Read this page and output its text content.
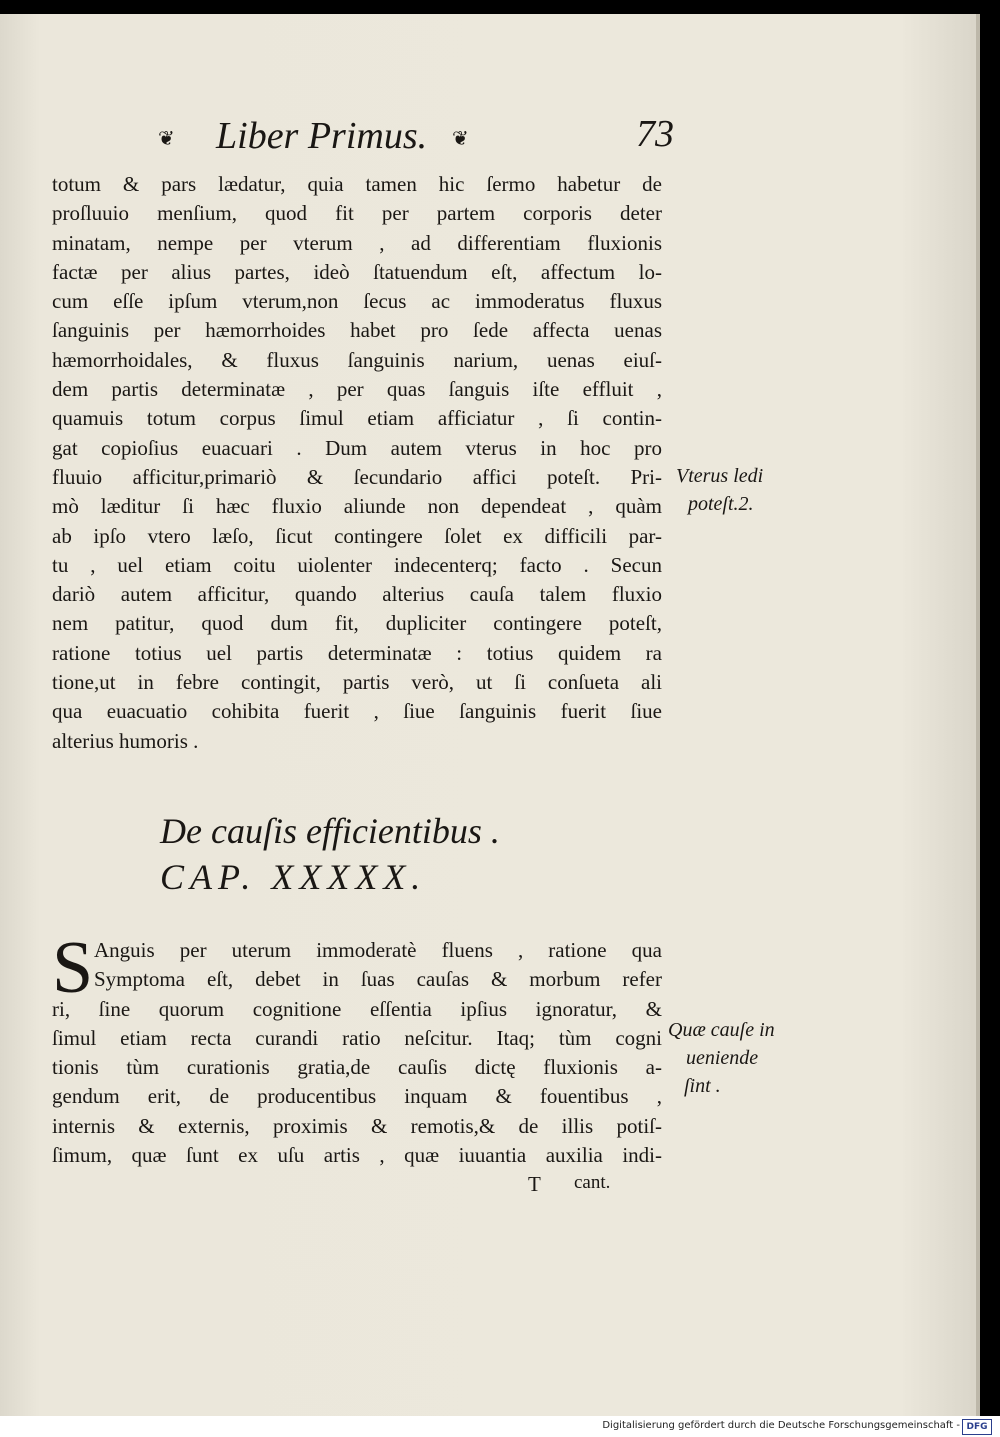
❦ Liber Primus. ❦	73
totum & pars lædatur, quia tamen hic ſermo habetur de
proſluuio menſium, quod fit per partem corporis deter
minatam, nempe per vterum , ad differentiam fluxionis
factæ per alius partes, ideò ſtatuendum eſt, affectum lo-
cum eſſe ipſum vterum,non ſecus ac immoderatus fluxus
ſanguinis per hæmorrhoides habet pro ſede affecta uenas
hæmorrhoidales, & fluxus ſanguinis narium, uenas eiuſ-
dem partis determinatæ , per quas ſanguis iſte effluit ,
quamuis totum corpus ſimul etiam afficiatur , ſi contin-
gat copioſius euacuari . Dum autem vterus in hoc pro
fluuio afficitur,primariò & ſecundario affici poteſt. Pri-
mò læditur ſi hæc fluxio aliunde non dependeat , quàm
ab ipſo vtero læſo, ſicut contingere ſolet ex difficili par-
tu , uel etiam coitu uiolenter indecenterq; facto . Secun
dariò autem afficitur, quando alterius cauſa talem fluxio
nem patitur, quod dum fit, dupliciter contingere poteſt,
ratione totius uel partis determinatæ : totius quidem ra
tione,ut in febre contingit, partis verò, ut ſi conſueta ali
qua euacuatio cohibita fuerit , ſiue ſanguinis fuerit ſiue
alterius humoris .
Vterus ledi
poteſt.2.
De cauſis efficientibus .
CAP. XXXXX.
S Anguis per uterum immoderatè fluens , ratione qua
Symptoma eſt, debet in ſuas cauſas & morbum refer
ri, ſine quorum cognitione eſſentia ipſius ignoratur, &
ſimul etiam recta curandi ratio neſcitur. Itaq; tùm cogni
tionis tùm curationis gratia,de cauſis dictę fluxionis a-
gendum erit, de producentibus inquam & fouentibus ,
internis & externis, proximis & remotis,& de illis potiſ-
ſimum, quæ ſunt ex uſu artis , quæ iuuantia auxilia indi-
Quæ cauſe in
ueniende
ſint .
T cant.
Digitalisierung gefördert durch die Deutsche Forschungsgemeinschaft - DFG
